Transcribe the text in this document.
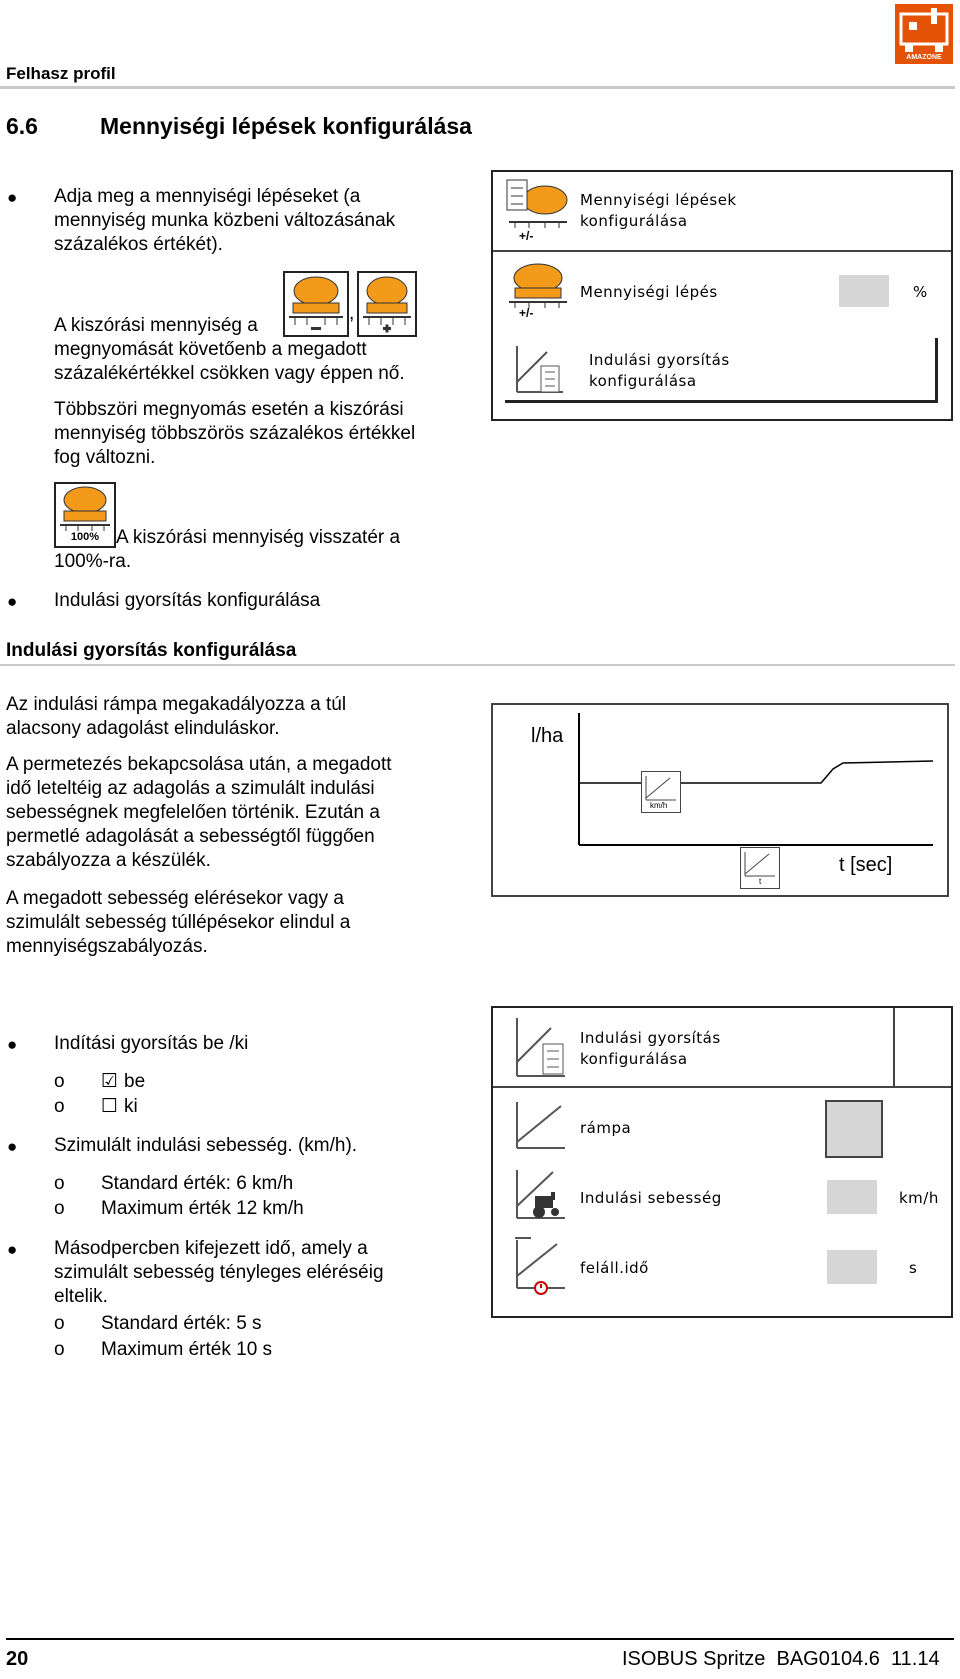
Felhasz profil
AMAZONE
6.6	Mennyiségi lépések konfigurálása
● Adja meg a mennyiségi lépéseket (a
mennyiség munka közbeni változásának
százalékos értékét).
,
A kiszórási mennyiség a
megnyomását követőenb a megadott
százalékértékkel csökken vagy éppen nő.
Többszöri megnyomás esetén a kiszórási
mennyiség többszörös százalékos értékkel
fog változni.
100% A kiszórási mennyiség visszatér a
100%-ra.
● Indulási gyorsítás konfigurálása
+/-
Mennyiségi lépések
konfigurálása
+/-
Mennyiségi lépés	%
Indulási gyorsítás
konfigurálása
Indulási gyorsítás konfigurálása
Az indulási rámpa megakadályozza a túl
alacsony adagolást elinduláskor.
A permetezés bekapcsolása után, a megadott
idő leteltéig az adagolás a szimulált indulási
sebességnek megfelelően történik. Ezután a
permetlé adagolását a sebességtől függően
szabályozza a készülék.
A megadott sebesség elérésekor vagy a
szimulált sebesség túllépésekor elindul a
mennyiségszabályozás.
l/ha
t [sec]
km/h
t
● Indítási gyorsítás be /ki
o ☑ be
o ☐ ki
● Szimulált indulási sebesség. (km/h).
o Standard érték: 6 km/h
o Maximum érték 12 km/h
● Másodpercben kifejezett idő, amely a
szimulált sebesség tényleges eléréséig
eltelik.
o Standard érték: 5 s
o Maximum érték 10 s
Indulási gyorsítás
konfigurálása
rámpa
Indulási sebesség	km/h
feláll.idő	s
20	ISOBUS Spritze  BAG0104.6  11.14
